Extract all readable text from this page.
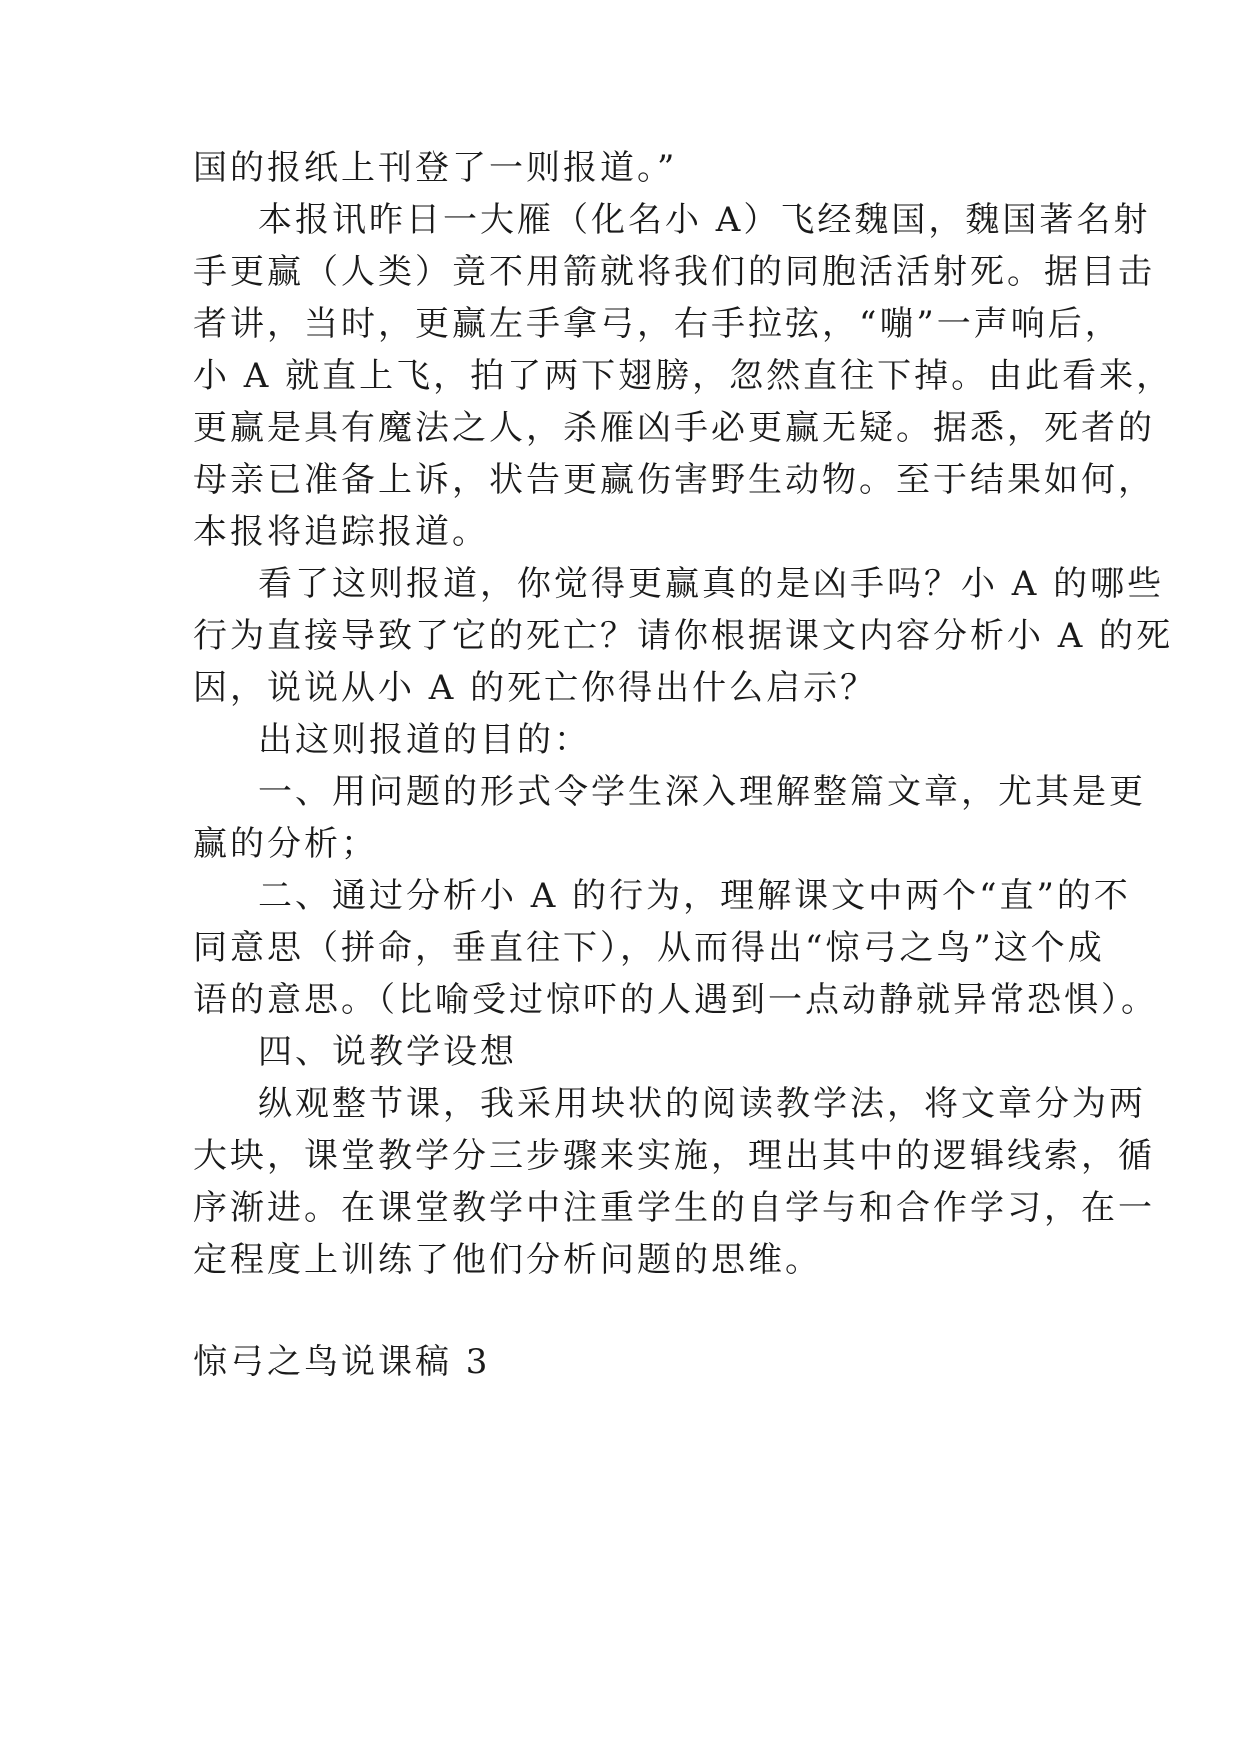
国的报纸上刊登了一则报道。”
本报讯昨日一大雁（化名小 A）飞经魏国，魏国著名射
手更赢（人类）竟不用箭就将我们的同胞活活射死。据目击
者讲，当时，更赢左手拿弓，右手拉弦，“嘣”一声响后，
小 A 就直上飞，拍了两下翅膀，忽然直往下掉。由此看来，
更赢是具有魔法之人，杀雁凶手必更赢无疑。据悉，死者的
母亲已准备上诉，状告更赢伤害野生动物。至于结果如何，
本报将追踪报道。
看了这则报道，你觉得更赢真的是凶手吗？小 A 的哪些
行为直接导致了它的死亡？请你根据课文内容分析小 A 的死
因，说说从小 A 的死亡你得出什么启示？
出这则报道的目的：
一、用问题的形式令学生深入理解整篇文章，尤其是更
赢的分析；
二、通过分析小 A 的行为，理解课文中两个“直”的不
同意思（拼命，垂直往下），从而得出“惊弓之鸟”这个成
语的意思。（比喻受过惊吓的人遇到一点动静就异常恐惧）。
四、说教学设想
纵观整节课，我采用块状的阅读教学法，将文章分为两
大块，课堂教学分三步骤来实施，理出其中的逻辑线索，循
序渐进。在课堂教学中注重学生的自学与和合作学习，在一
定程度上训练了他们分析问题的思维。
惊弓之鸟说课稿 3
